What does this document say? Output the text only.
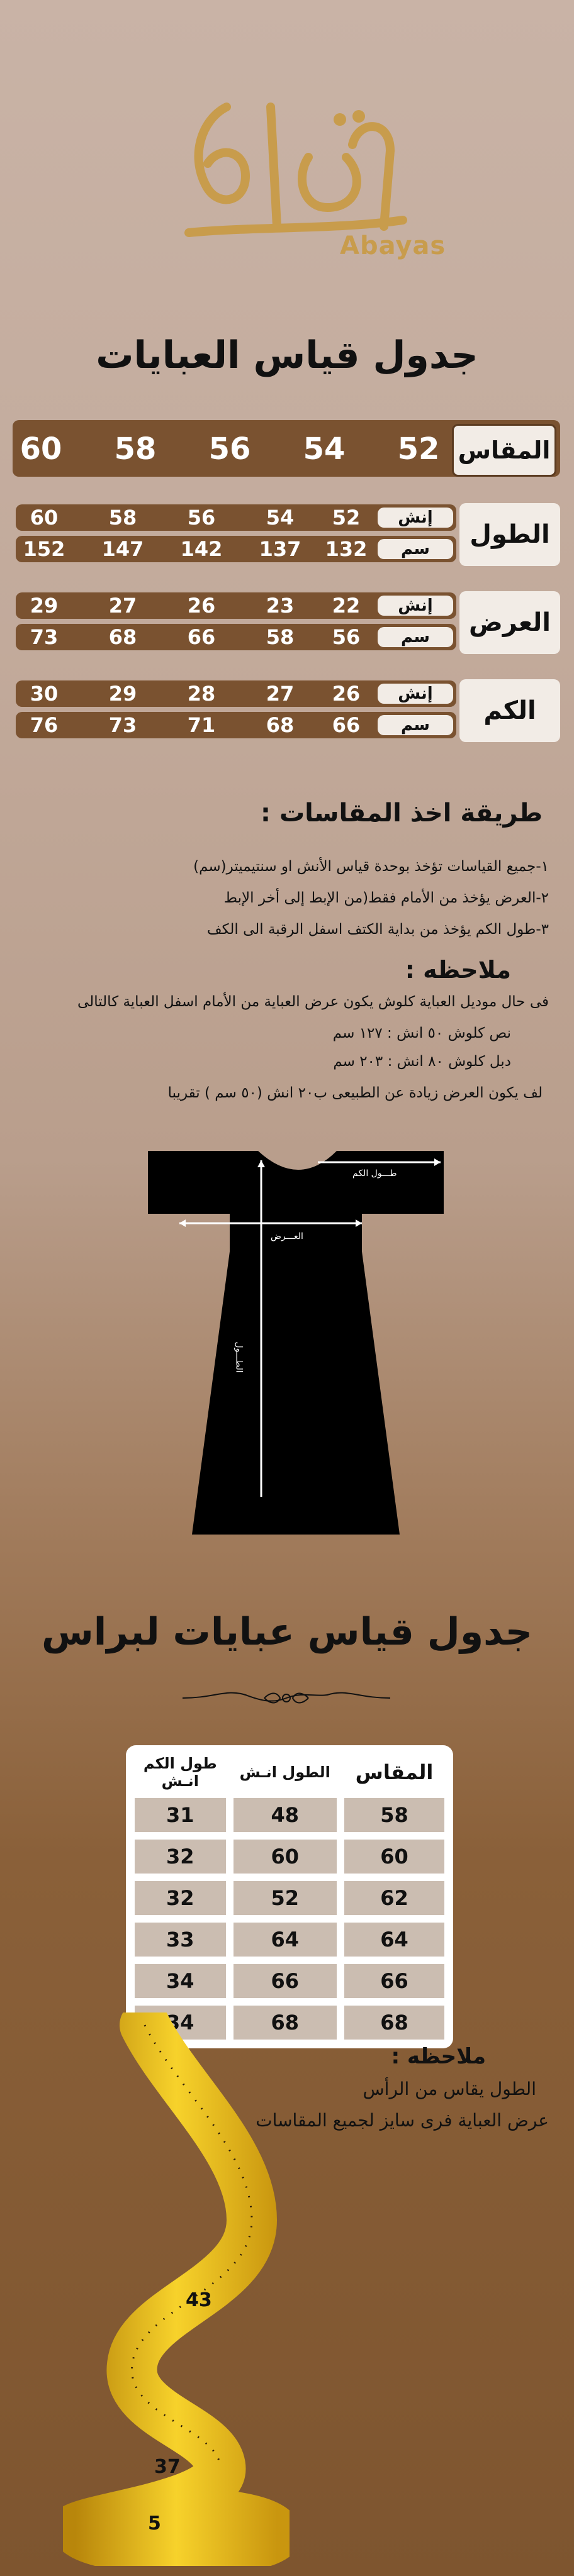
Abayas
جدول قياس العبايات
المقاس
60 58 56 54 52
الطول
60	58	56	54	52	إنش
152	147	142	137	132	سم
العرض
29	27	26	23	22	إنش
73	68	66	58	56	سم
الكم
30	29	28	27	26	إنش
76	73	71	68	66	سم
طريقة اخذ المقاسات :
١-جميع القياسات تؤخذ بوحدة قياس الأنش او سنتيميتر(سم)
٢-العرض يؤخذ من الأمام فقط(من الإبط إلى أخر الإبط
٣-طول الكم يؤخذ من بداية الكتف اسفل الرقبة الى الكف
ملاحظه :
فى حال موديل العباية كلوش يكون عرض العباية من الأمام اسفل العباية كالتالى
نص كلوش ٥٠ انش : ١٢٧ سم
دبل كلوش ٨٠ انش : ٢٠٣ سم
لف يكون العرض زيادة عن الطبيعى ب٢٠ انش (٥٠ سم ) تقريبا
طـــول الكم
العـــرض
الطـــول
جدول قياس عبايات لبراس
طول الكم انـش	الطول انـش	المقاس
31	48	58
32	60	60
32	52	62
33	64	64
34	66	66
34	68	68
ملاحظه :
الطول يقاس من الرأس
عرض العباية فرى سايز لجميع المقاسات
43
37
5
